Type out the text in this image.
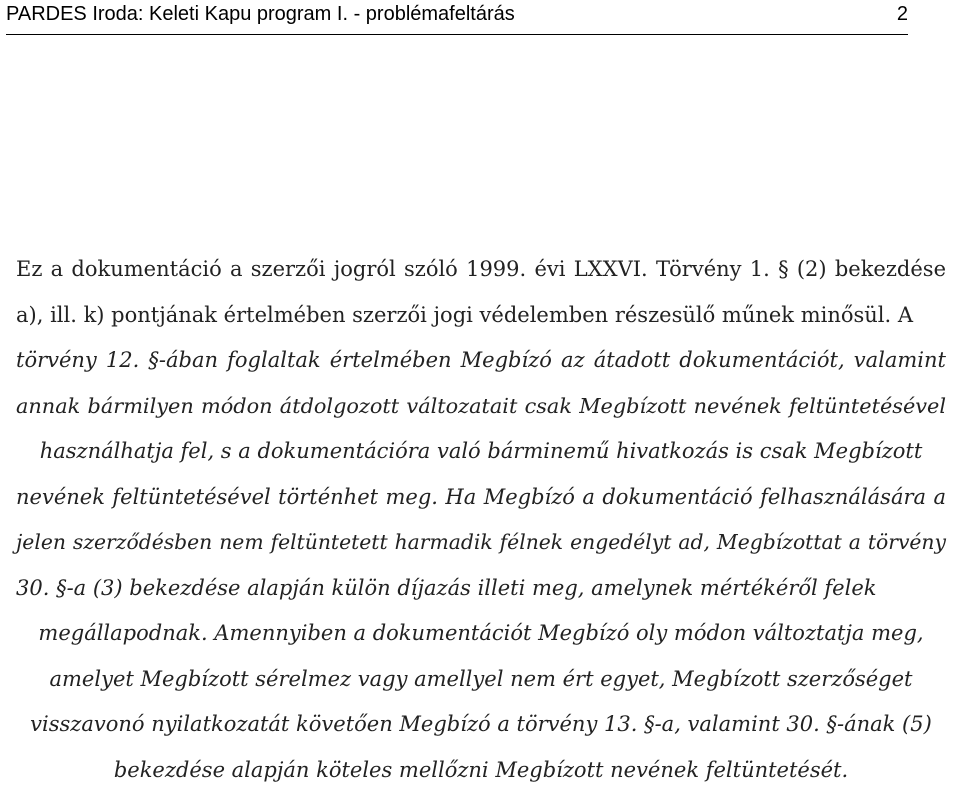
PARDES Iroda: Keleti Kapu program I. - problémafeltárás	2
Ez a dokumentáció a szerzői jogról szóló 1999. évi LXXVI. Törvény 1. § (2) bekezdése
a), ill. k) pontjának értelmében szerzői jogi védelemben részesülő műnek minősül. A
törvény 12. §-ában foglaltak értelmében Megbízó az átadott dokumentációt, valamint
annak bármilyen módon átdolgozott változatait csak Megbízott nevének feltüntetésével
használhatja fel, s a dokumentációra való bárminemű hivatkozás is csak Megbízott
nevének feltüntetésével történhet meg. Ha Megbízó a dokumentáció felhasználására a
jelen szerződésben nem feltüntetett harmadik félnek engedélyt ad, Megbízottat a törvény
30. §-a (3) bekezdése alapján külön díjazás illeti meg, amelynek mértékéről felek
megállapodnak. Amennyiben a dokumentációt Megbízó oly módon változtatja meg,
amelyet Megbízott sérelmez vagy amellyel nem ért egyet, Megbízott szerzőséget
visszavonó nyilatkozatát követően Megbízó a törvény 13. §-a, valamint 30. §-ának (5)
bekezdése alapján köteles mellőzni Megbízott nevének feltüntetését.
